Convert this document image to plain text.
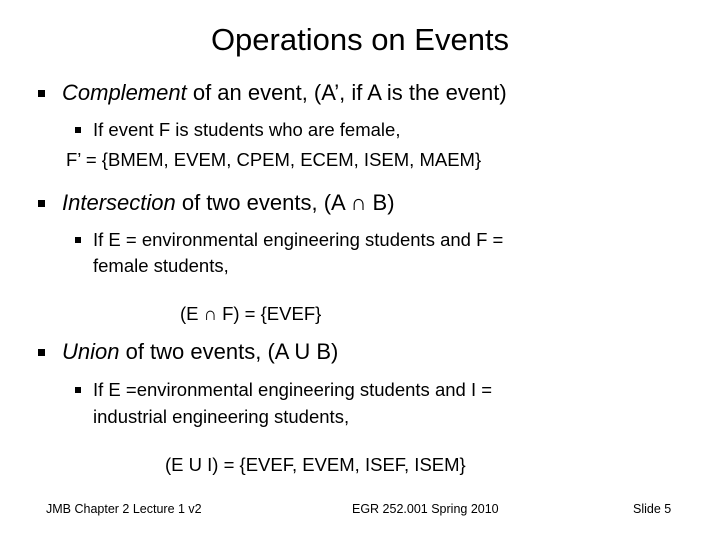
Operations on Events
Complement of an event, (A’, if A is the event)
If event F is students who are female,
F’ = {BMEM, EVEM, CPEM, ECEM, ISEM, MAEM}
Intersection of two events, (A ∩ B)
If E = environmental engineering students and F =
female students,
(E ∩ F) = {EVEF}
Union of two events, (A U B)
If E =environmental engineering students and I =
industrial engineering students,
(E U I) = {EVEF, EVEM, ISEF, ISEM}
JMB Chapter 2 Lecture 1 v2	EGR 252.001 Spring 2010	Slide 5
